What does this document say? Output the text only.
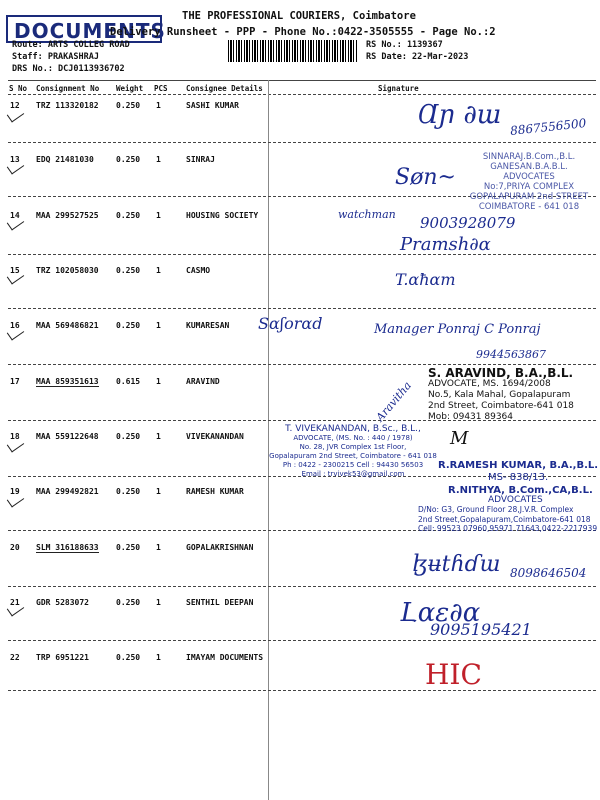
DOCUMENTS
THE PROFESSIONAL COURIERS, Coimbatore
Delivery Runsheet - PPP - Phone No.:0422-3505555 - Page No.:2
Route: ARTS COLLEG ROAD
Staff: PRAKASHRAJ
DRS No.: DCJ0113936702
RS No.: 1139367
RS Date: 22-Mar-2023
S No Consignment No Weight PCS Consignee Details	Signature
12 TRZ 113320182 0.250 1	SASHI KUMAR
13 EDQ 21481030	0.250 1	SINRAJ
14 MAA 299527525 0.250 1	HOUSING SOCIETY
15 TRZ 102058030 0.250 1	CASMO
16 MAA 569486821 0.250 1	KUMARESAN
17 MAA 859351613 0.615 1	ARAVIND
18 MAA 559122648 0.250 1	VIVEKANANDAN
19 MAA 299492821 0.250 1	RAMESH KUMAR
20 SLM 316188633 0.250 1	GOPALAKRISHNAN
21 GDR 5283072	0.250 1	SENTHIL DEEPAN
22 TRP 6951221	0.250 1	IMAYAM DOCUMENTS
Ɑɲ ∂ɯ 8867556500
Søn~
SINNARAJ.B.Com.,B.L.
GANESAN.B.A.B.L.
ADVOCATES
No:7,PRIYA COMPLEX
GOPALAPURAM 2nd STREET
COIMBATORE - 641 018
watchman 9003928079
Pramsh∂ɑ
T.ɑħɑm
Sɑʃorɑd	Manager Ponraj C Ponraj
9944563867
Aravitha
S. ARAVIND, B.A.,B.L.
ADVOCATE, MS. 1694/2008
No.5, Kala Mahal, Gopalapuram
2nd Street, Coimbatore-641 018
Mob: 09431 89364
M
T. VIVEKANANDAN, B.Sc., B.L.,
ADVOCATE, (MS. No. : 440 / 1978)
No. 28, JVR Complex 1st Floor,
Gopalapuram 2nd Street, Coimbatore - 641 018
Ph : 0422 - 2300215 Cell : 94430 56503
Email : trvivek53@gmail.com
R.RAMESH KUMAR, B.A.,B.L.
MS- 838/13.
R.NITHYA, B.Com.,CA,B.L.
ADVOCATES
D/No: G3, Ground Floor 28,J.V.R. Complex
2nd Street,Gopalapuram,Coimbatore-641 018
Cell: 99523 07960,95971 71643,0422-2217939
ɮʉtɦɗɯ 8098646504
Լɑɛ∂ɑ
9095195421
HIC
